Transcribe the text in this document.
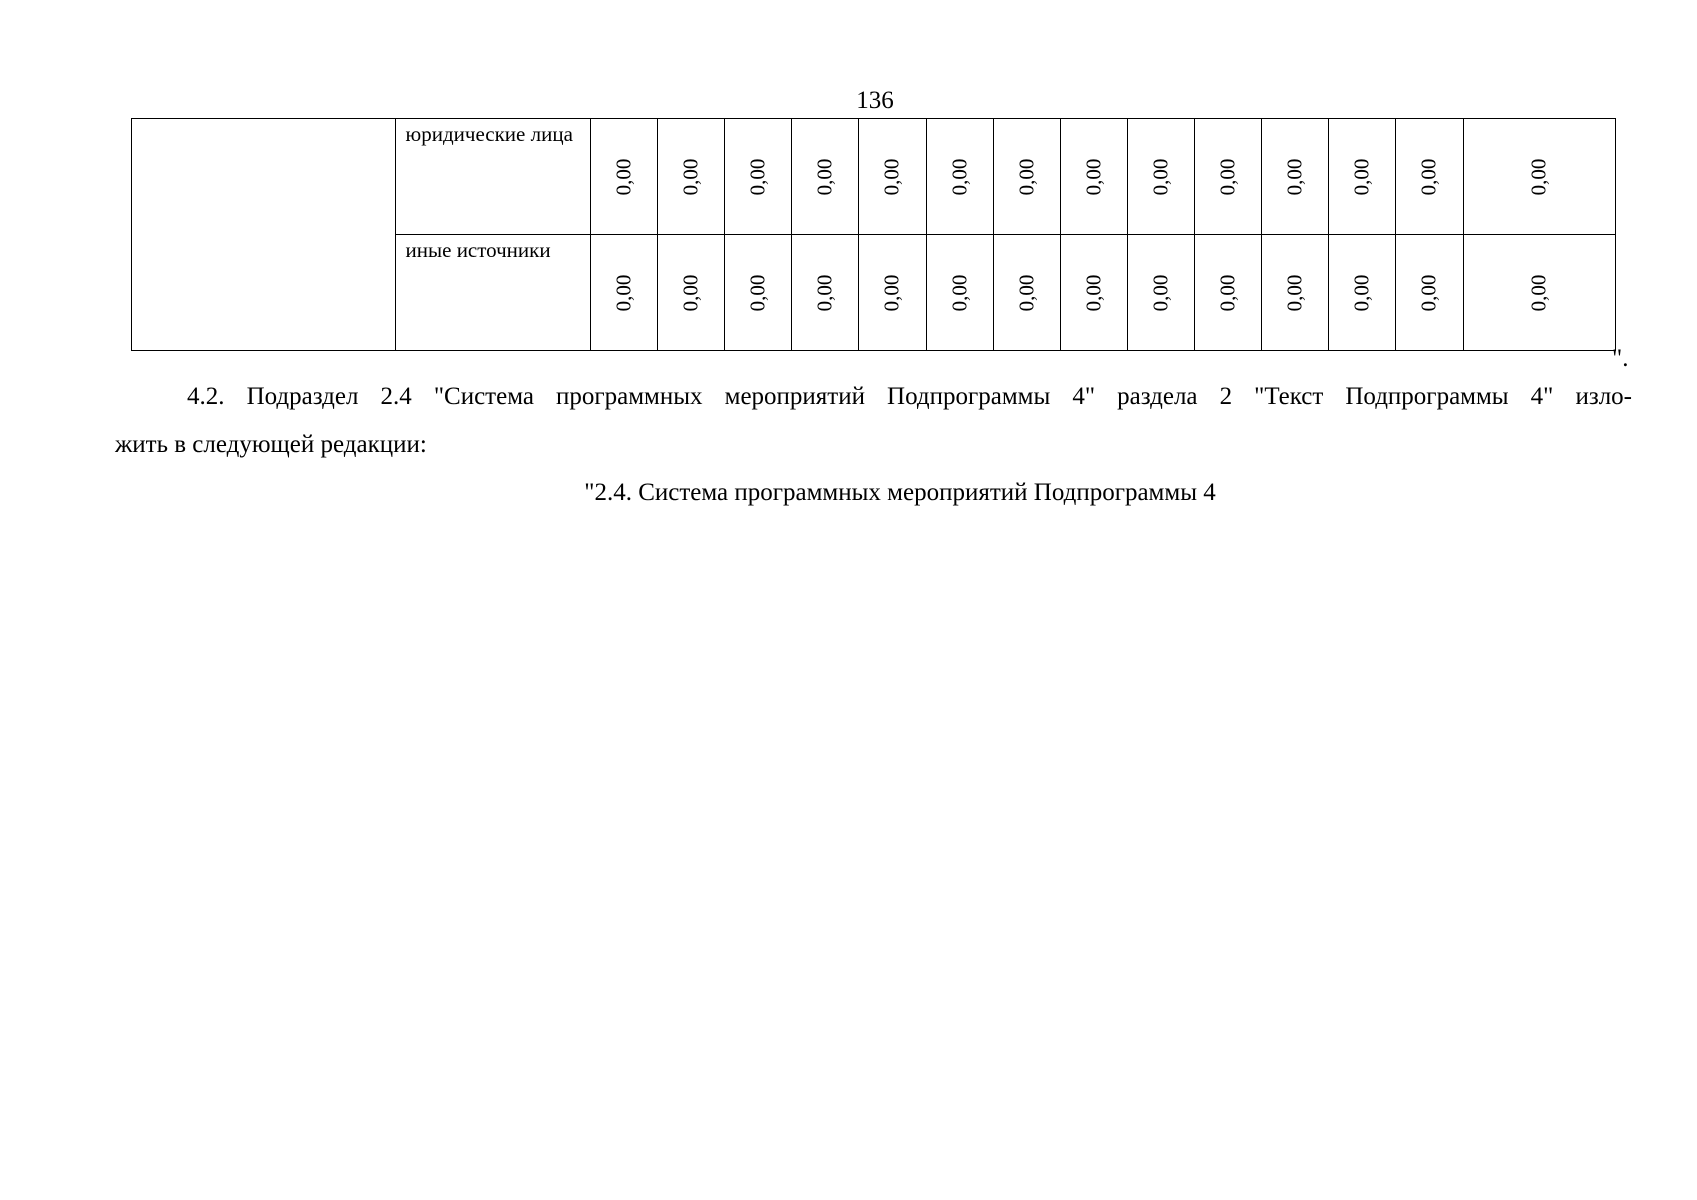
136
	юридические лица	0,00	0,00	0,00	0,00	0,00	0,00	0,00	0,00	0,00	0,00	0,00	0,00	0,00	0,00

	иные источники	0,00	0,00	0,00	0,00	0,00	0,00	0,00	0,00	0,00	0,00	0,00	0,00	0,00	0,00
".
4.2. Подраздел 2.4 "Система программных мероприятий Подпрограммы 4" раздела 2 "Текст Подпрограммы 4" изло-
жить в следующей редакции:
"2.4. Система программных мероприятий Подпрограммы 4
